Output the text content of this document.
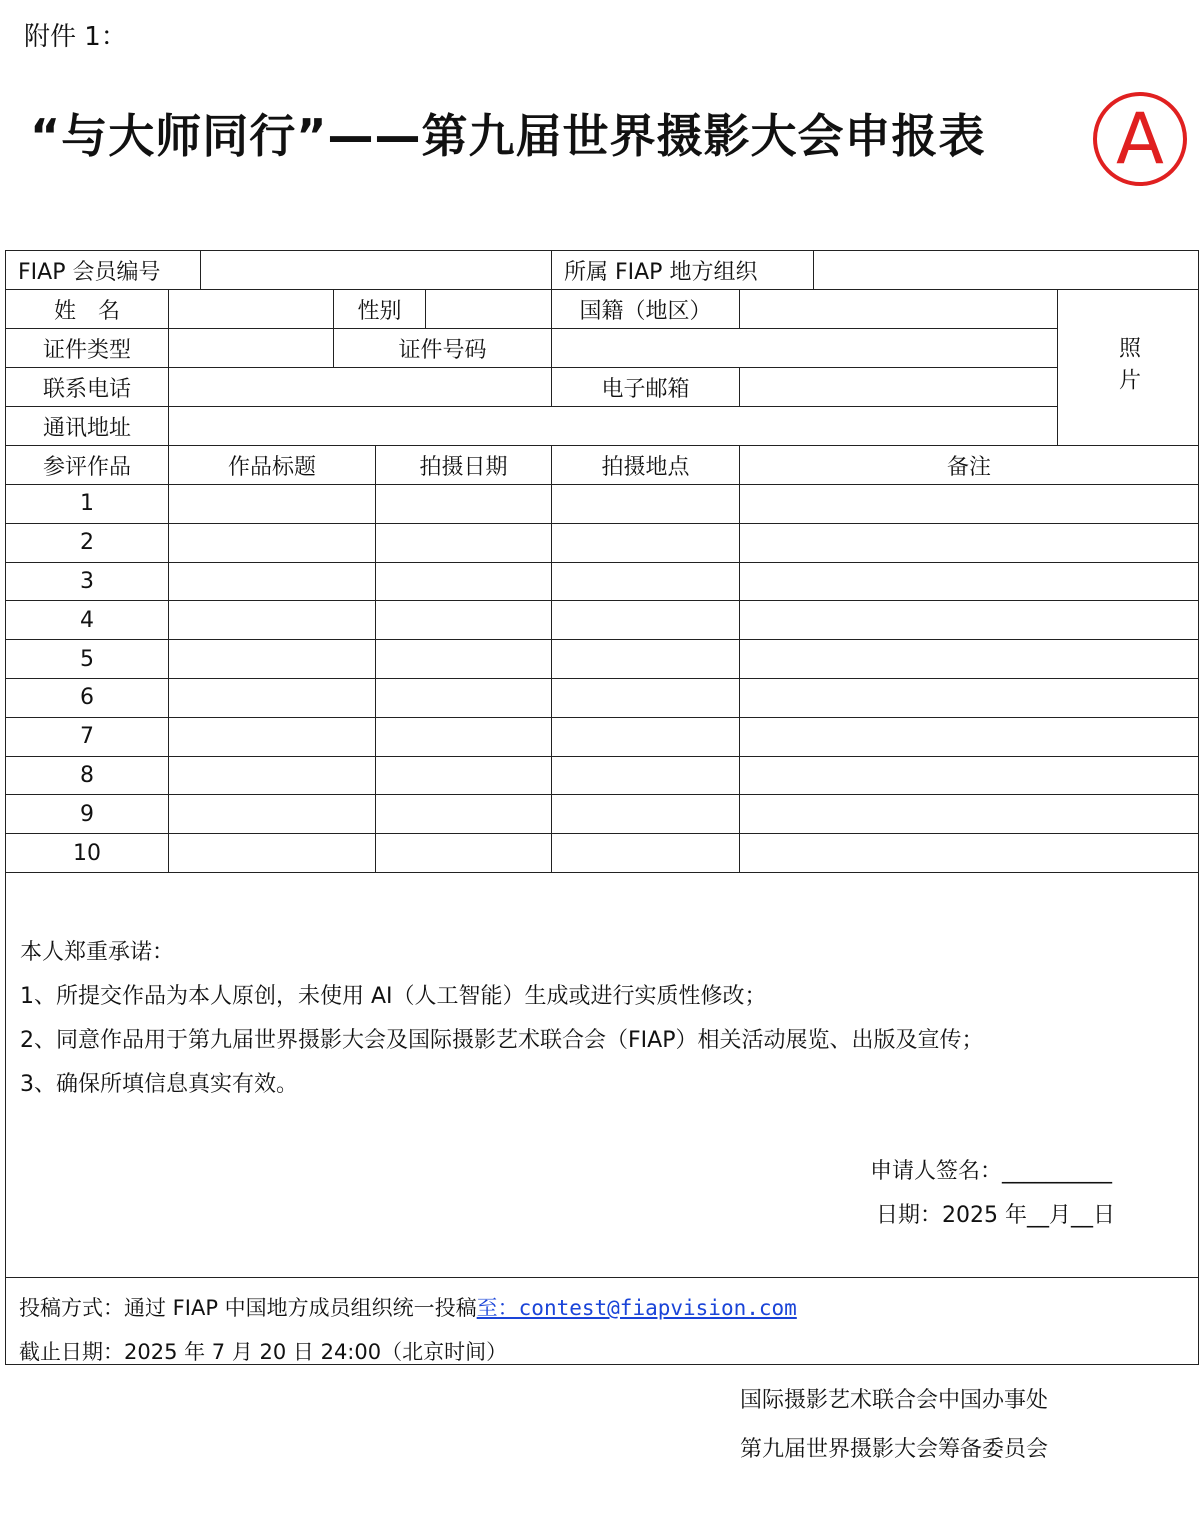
附件 1：
“与大师同行”——第九届世界摄影大会申报表	A
FIAP 会员编号	所属 FIAP 地方组织
姓　名	性别	国籍（地区）
照片
证件类型	证件号码
联系电话	电子邮箱
通讯地址
参评作品	作品标题	拍摄日期	拍摄地点	备注
1
2
3
4
5
6
7
8
9
10
本人郑重承诺：
1、所提交作品为本人原创，未使用 AI（人工智能）生成或进行实质性修改；
2、同意作品用于第九届世界摄影大会及国际摄影艺术联合会（FIAP）相关活动展览、出版及宣传；
3、确保所填信息真实有效。
申请人签名：__________
日期：2025 年__月__日
投稿方式：通过 FIAP 中国地方成员组织统一投稿至：contest@fiapvision.com
截止日期：2025 年 7 月 20 日 24:00（北京时间）
国际摄影艺术联合会中国办事处
第九届世界摄影大会筹备委员会
